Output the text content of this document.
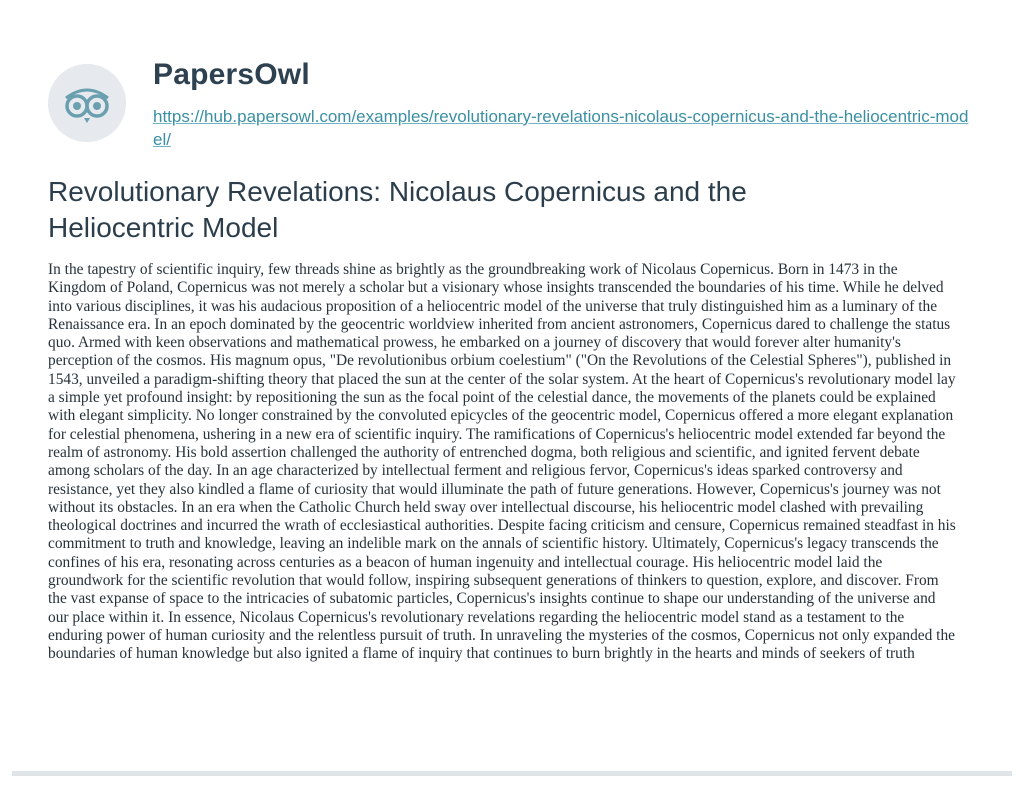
PapersOwl
https://hub.papersowl.com/examples/revolutionary-revelations-nicolaus-copernicus-and-the-heliocentric-model/
Revolutionary Revelations: Nicolaus Copernicus and the Heliocentric Model

In the tapestry of scientific inquiry, few threads shine as brightly as the groundbreaking work of Nicolaus Copernicus. Born in 1473 in the Kingdom of Poland, Copernicus was not merely a scholar but a visionary whose insights transcended the boundaries of his time. While he delved into various disciplines, it was his audacious proposition of a heliocentric model of the universe that truly distinguished him as a luminary of the Renaissance era. In an epoch dominated by the geocentric worldview inherited from ancient astronomers, Copernicus dared to challenge the status quo. Armed with keen observations and mathematical prowess, he embarked on a journey of discovery that would forever alter humanity's perception of the cosmos. His magnum opus, "De revolutionibus orbium coelestium" ("On the Revolutions of the Celestial Spheres"), published in 1543, unveiled a paradigm-shifting theory that placed the sun at the center of the solar system. At the heart of Copernicus's revolutionary model lay a simple yet profound insight: by repositioning the sun as the focal point of the celestial dance, the movements of the planets could be explained with elegant simplicity. No longer constrained by the convoluted epicycles of the geocentric model, Copernicus offered a more elegant explanation for celestial phenomena, ushering in a new era of scientific inquiry. The ramifications of Copernicus's heliocentric model extended far beyond the realm of astronomy. His bold assertion challenged the authority of entrenched dogma, both religious and scientific, and ignited fervent debate among scholars of the day. In an age characterized by intellectual ferment and religious fervor, Copernicus's ideas sparked controversy and resistance, yet they also kindled a flame of curiosity that would illuminate the path of future generations. However, Copernicus's journey was not without its obstacles. In an era when the Catholic Church held sway over intellectual discourse, his heliocentric model clashed with prevailing theological doctrines and incurred the wrath of ecclesiastical authorities. Despite facing criticism and censure, Copernicus remained steadfast in his commitment to truth and knowledge, leaving an indelible mark on the annals of scientific history. Ultimately, Copernicus's legacy transcends the confines of his era, resonating across centuries as a beacon of human ingenuity and intellectual courage. His heliocentric model laid the groundwork for the scientific revolution that would follow, inspiring subsequent generations of thinkers to question, explore, and discover. From the vast expanse of space to the intricacies of subatomic particles, Copernicus's insights continue to shape our understanding of the universe and our place within it. In essence, Nicolaus Copernicus's revolutionary revelations regarding the heliocentric model stand as a testament to the enduring power of human curiosity and the relentless pursuit of truth. In unraveling the mysteries of the cosmos, Copernicus not only expanded the boundaries of human knowledge but also ignited a flame of inquiry that continues to burn brightly in the hearts and minds of seekers of truth
